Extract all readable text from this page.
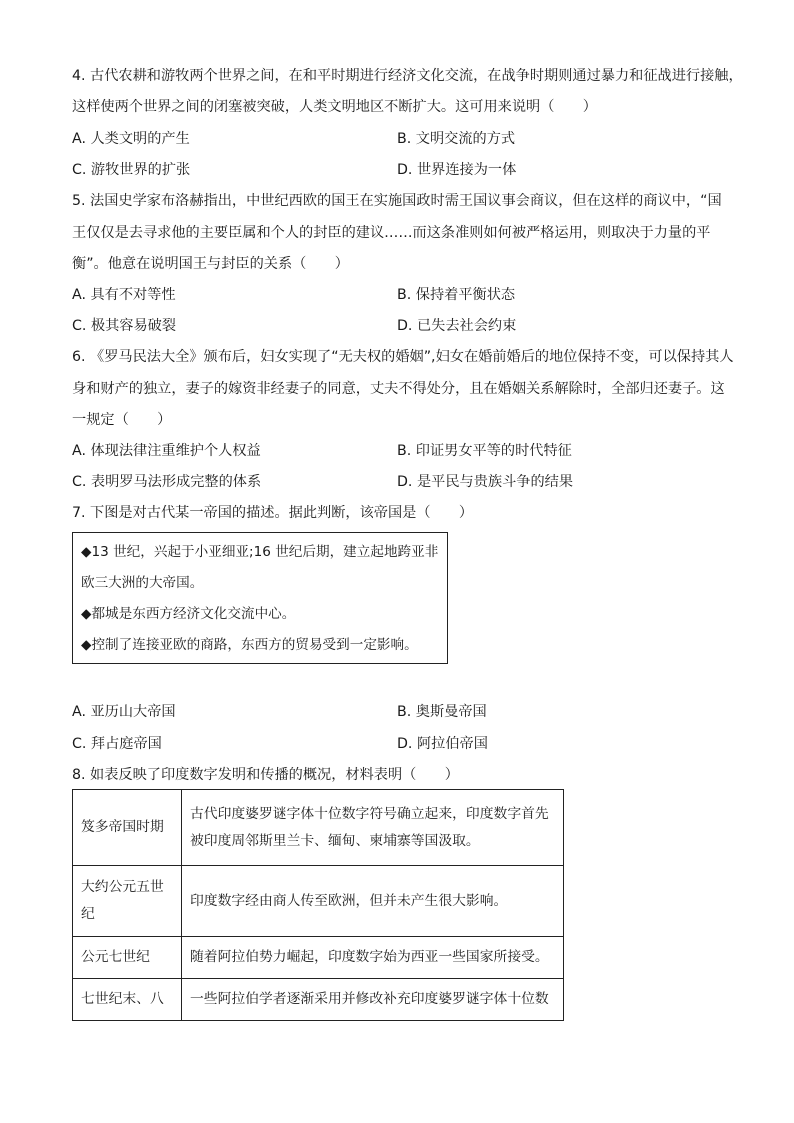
4. 古代农耕和游牧两个世界之间，在和平时期进行经济文化交流，在战争时期则通过暴力和征战进行接触，
这样使两个世界之间的闭塞被突破，人类文明地区不断扩大。这可用来说明（　　）
A. 人类文明的产生	B. 文明交流的方式
C. 游牧世界的扩张	D. 世界连接为一体
5. 法国史学家布洛赫指出，中世纪西欧的国王在实施国政时需王国议事会商议，但在这样的商议中，“国
王仅仅是去寻求他的主要臣属和个人的封臣的建议……而这条准则如何被严格运用，则取决于力量的平
衡”。他意在说明国王与封臣的关系（　　）
A. 具有不对等性	B. 保持着平衡状态
C. 极其容易破裂	D. 已失去社会约束
6. 《罗马民法大全》颁布后，妇女实现了“无夫权的婚姻”,妇女在婚前婚后的地位保持不变，可以保持其人
身和财产的独立，妻子的嫁资非经妻子的同意，丈夫不得处分，且在婚姻关系解除时，全部归还妻子。这
一规定（　　）
A. 体现法律注重维护个人权益	B. 印证男女平等的时代特征
C. 表明罗马法形成完整的体系	D. 是平民与贵族斗争的结果
7. 下图是对古代某一帝国的描述。据此判断，该帝国是（　　）
◆13 世纪，兴起于小亚细亚;16 世纪后期，建立起地跨亚非
欧三大洲的大帝国。
◆都城是东西方经济文化交流中心。
◆控制了连接亚欧的商路，东西方的贸易受到一定影响。
A. 亚历山大帝国	B. 奥斯曼帝国
C. 拜占庭帝国	D. 阿拉伯帝国
8. 如表反映了印度数字发明和传播的概况，材料表明（　　）
笈多帝国时期	古代印度婆罗谜字体十位数字符号确立起来，印度数字首先
被印度周邻斯里兰卡、缅甸、柬埔寨等国汲取。

大约公元五世
纪	印度数字经由商人传至欧洲，但并未产生很大影响。

公元七世纪	随着阿拉伯势力崛起，印度数字始为西亚一些国家所接受。

七世纪末、八	一些阿拉伯学者逐渐采用并修改补充印度婆罗谜字体十位数
